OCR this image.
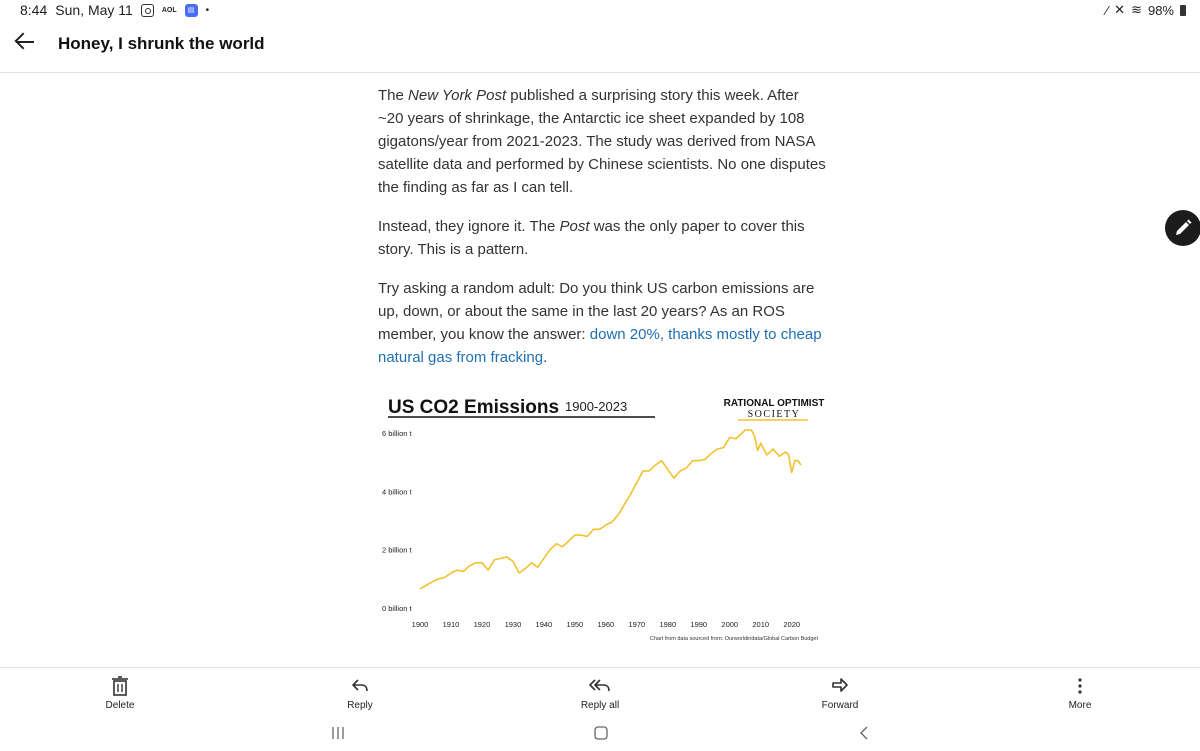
8:44 Sun, May 11	AOL	▤	•	⁄ ✕ ≋ 98%
Honey, I shrunk the world

The New York Post published a surprising story this week. After ~20 years of shrinkage, the Antarctic ice sheet expanded by 108 gigatons/year from 2021-2023. The study was derived from NASA satellite data and performed by Chinese scientists. No one disputes the finding as far as I can tell.

Instead, they ignore it. The Post was the only paper to cover this story. This is a pattern.

Try asking a random adult: Do you think US carbon emissions are up, down, or about the same in the last 20 years? As an ROS member, you know the answer: down 20%, thanks mostly to cheap natural gas from fracking.

US CO2 Emissions 1900-2023	RATIONAL OPTIMIST
SOCIETY
0 billion t
2 billion t
4 billion t
6 billion t
1900 1910 1920 1930 1940 1950 1960 1970 1980 1990 2000 2010 2020
Chart from data sourced from: Ourworldindata/Global Carbon Budget
Delete	Reply	Reply all	Forward	More
